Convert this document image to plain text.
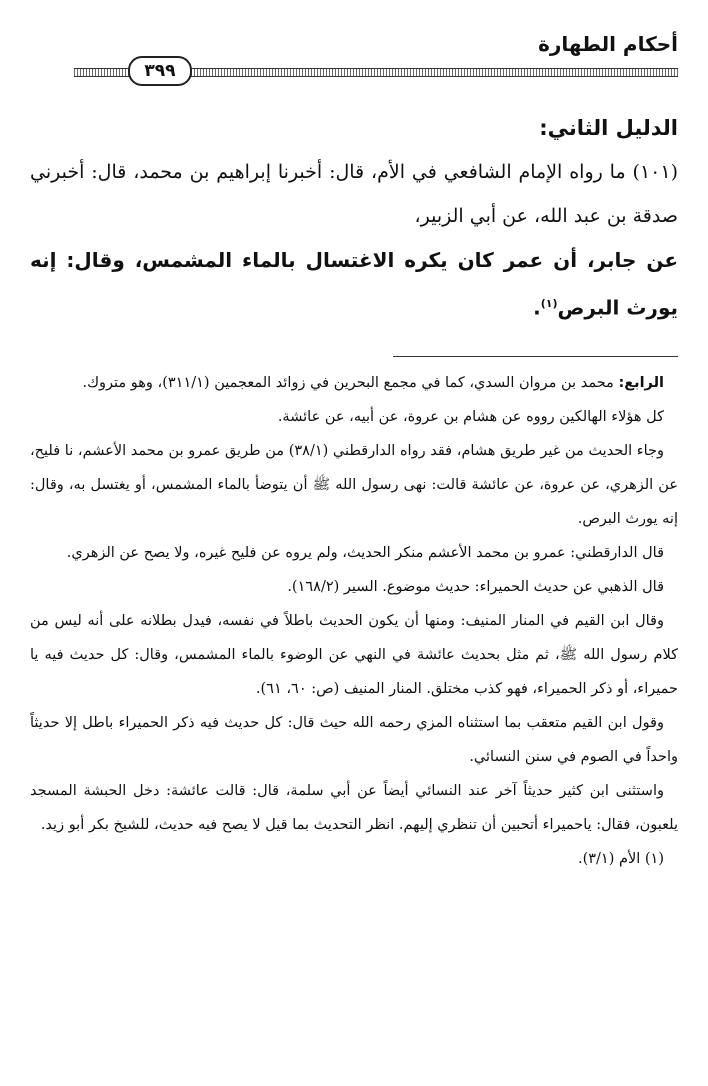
أحكام الطهارة
٣٩٩

الدليل الثاني:

(١٠١) ما رواه الإمام الشافعي في الأم، قال: أخبرنا إبراهيم بن محمد، قال: أخبرني صدقة بن عبد الله، عن أبي الزبير،

عن جابر، أن عمر كان يكره الاغتسال بالماء المشمس، وقال: إنه يورث البرص$^{(١)}$.

الرابع: محمد بن مروان السدي، كما في مجمع البحرين في زوائد المعجمين (٣١١/١)، وهو متروك.

كل هؤلاء الهالكين رووه عن هشام بن عروة، عن أبيه، عن عائشة.

وجاء الحديث من غير طريق هشام، فقد رواه الدارقطني (٣٨/١) من طريق عمرو بن محمد الأعشم، نا فليح، عن الزهري، عن عروة، عن عائشة قالت: نهى رسول الله ﷺ أن يتوضأ بالماء المشمس، أو يغتسل به، وقال: إنه يورث البرص.

قال الدارقطني: عمرو بن محمد الأعشم منكر الحديث، ولم يروه عن فليح غيره، ولا يصح عن الزهري.

قال الذهبي عن حديث الحميراء: حديث موضوع. السير (١٦٨/٢).

وقال ابن القيم في المنار المنيف: ومنها أن يكون الحديث باطلاً في نفسه، فيدل بطلانه على أنه ليس من كلام رسول الله ﷺ، ثم مثل بحديث عائشة في النهي عن الوضوء بالماء المشمس، وقال: كل حديث فيه يا حميراء، أو ذكر الحميراء، فهو كذب مختلق. المنار المنيف (ص: ٦٠، ٦١).

وقول ابن القيم متعقب بما استثناه المزي رحمه الله حيث قال: كل حديث فيه ذكر الحميراء باطل إلا حديثاً واحداً في الصوم في سنن النسائي.

واستثنى ابن كثير حديثاً آخر عند النسائي أيضاً عن أبي سلمة، قال: قالت عائشة: دخل الحبشة المسجد يلعبون، فقال: ياحميراء أتحبين أن تنظري إليهم. انظر التحديث بما قيل لا يصح فيه حديث، للشيخ بكر أبو زيد.

(١) الأم (٣/١).
